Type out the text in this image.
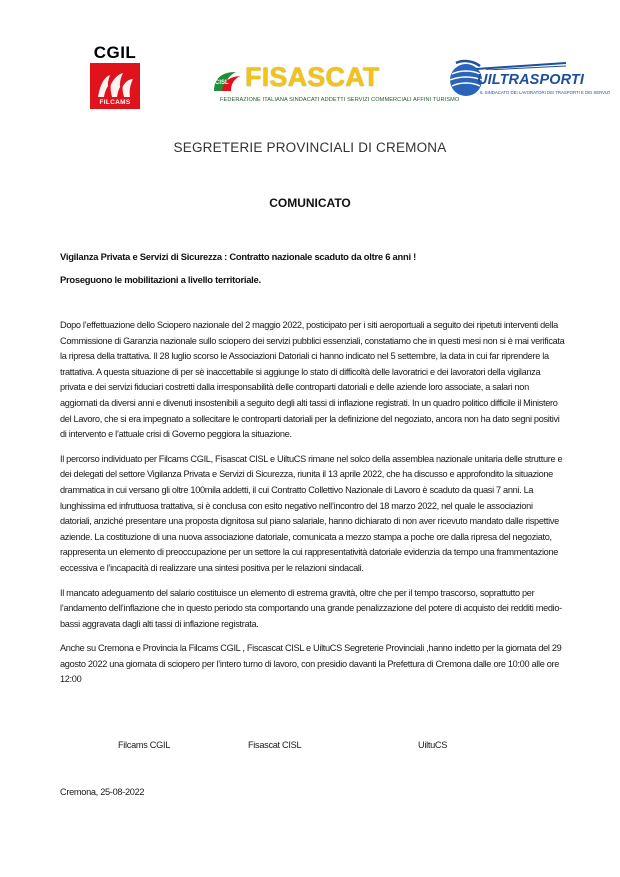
CGIL
FILCAMS
CISL FISASCAT
FEDERAZIONE ITALIANA SINDACATI ADDETTI SERVIZI COMMERCIALI AFFINI TURISMO
UILTRASPORTI
IL SINDACATO DEI LAVORATORI DEI TRASPORTI E DEI SERVIZI
SEGRETERIE PROVINCIALI DI CREMONA
COMUNICATO
Vigilanza Privata e Servizi di Sicurezza : Contratto nazionale scaduto da oltre 6 anni !
Proseguono le mobilitazioni a livello territoriale.

Dopo l’effettuazione dello Sciopero nazionale del 2 maggio 2022, posticipato per i siti aeroportuali a seguito dei ripetuti interventi della Commissione di Garanzia nazionale sullo sciopero dei servizi pubblici essenziali, constatiamo che in questi mesi non si è mai verificata la ripresa della trattativa. Il 28 luglio scorso le Associazioni Datoriali ci hanno indicato nel 5 settembre, la data in cui far riprendere la trattativa. A questa situazione di per sè inaccettabile si aggiunge lo stato di difficoltà delle lavoratrici e dei lavoratori della vigilanza privata e dei servizi fiduciari costretti dalla irresponsabilità delle controparti datoriali e delle aziende loro associate, a salari non aggiornati da diversi anni e divenuti insostenibili a seguito degli alti tassi di inflazione registrati. In un quadro politico difficile il Ministero del Lavoro, che si era impegnato a sollecitare le controparti datoriali per la definizione del negoziato, ancora non ha dato segni positivi di intervento e l’attuale crisi di Governo peggiora la situazione.

Il percorso individuato per Filcams CGIL, Fisascat CISL e UiltuCS rimane nel solco della assemblea nazionale unitaria delle strutture e dei delegati del settore Vigilanza Privata e Servizi di Sicurezza, riunita il 13 aprile 2022, che ha discusso e approfondito la situazione drammatica in cui versano gli oltre 100mila addetti, il cui Contratto Collettivo Nazionale di Lavoro è scaduto da quasi 7 anni. La lunghissima ed infruttuosa trattativa, si è conclusa con esito negativo nell’incontro del 18 marzo 2022, nel quale le associazioni datoriali, anziché presentare una proposta dignitosa sul piano salariale, hanno dichiarato di non aver ricevuto mandato dalle rispettive aziende. La costituzione di una nuova associazione datoriale, comunicata a mezzo stampa a poche ore dalla ripresa del negoziato, rappresenta un elemento di preoccupazione per un settore la cui rappresentatività datoriale evidenzia da tempo una frammentazione eccessiva e l’incapacità di realizzare una sintesi positiva per le relazioni sindacali.

Il mancato adeguamento del salario costituisce un elemento di estrema gravità, oltre che per il tempo trascorso, soprattutto per l’andamento dell’inflazione che in questo periodo sta comportando una grande penalizzazione del potere di acquisto dei redditi medio-bassi aggravata dagli alti tassi di inflazione registrata.

Anche su Cremona e Provincia la Filcams CGIL , Fiscascat CISL e UiltuCS Segreterie Provinciali ,hanno indetto per la giornata del 29 agosto 2022 una giornata di sciopero per l’intero turno di lavoro, con presidio davanti la Prefettura di Cremona dalle ore 10:00 alle ore 12:00

Filcams CGIL	Fisascat CISL	UiltuCS
Cremona, 25-08-2022
